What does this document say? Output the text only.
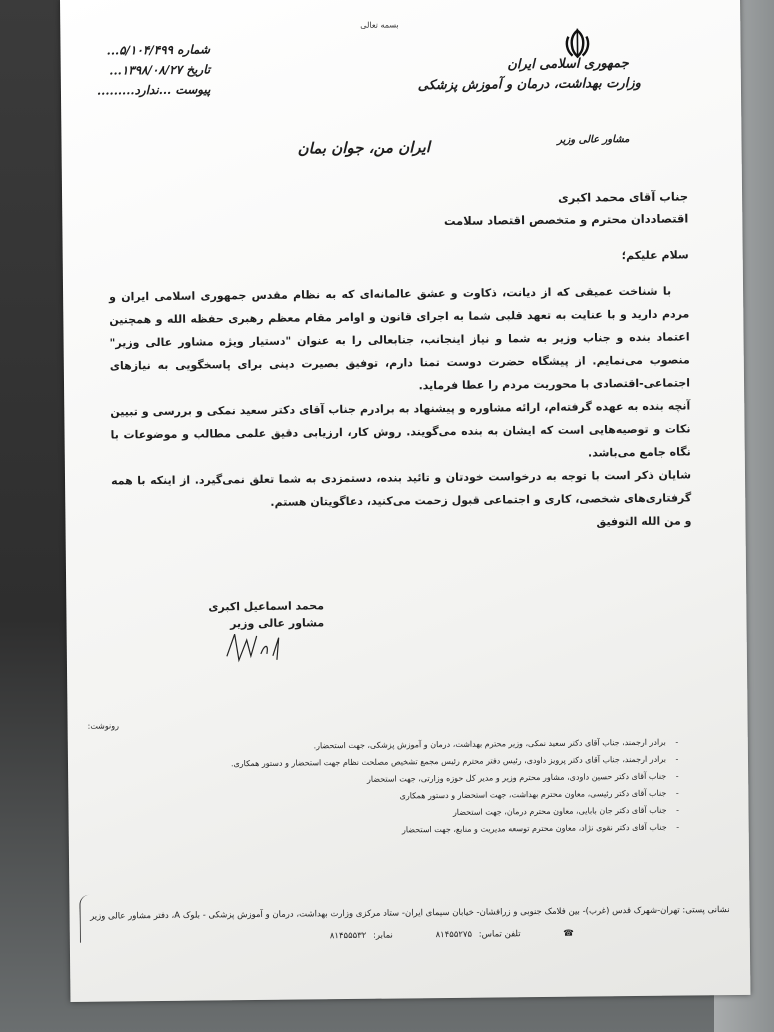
بسمه تعالی
جمهوری اسلامی ایران
وزارت بهداشت، درمان و آموزش پزشکی
مشاور عالی وزیر
شماره ۵/۱۰۴/۴۹۹...
تاریخ ۱۳۹۸/۰۸/۲۷...
پیوست ...ندارد.........
ایران من، جوان بمان
جناب آقای محمد اکبری
اقتصاددان محترم و متخصص اقتصاد سلامت
سلام علیکم؛

با شناخت عمیقی که از دیانت، ذکاوت و عشق عالمانه‌ای که به نظام مقدس جمهوری اسلامی ایران و مردم دارید و با عنایت به تعهد قلبی شما به اجرای قانون و اوامر مقام معظم رهبری حفظه الله و همچنین اعتماد بنده و جناب وزیر به شما و نیاز اینجانب، جنابعالی را به عنوان "دستیار ویژه مشاور عالی وزیر" منصوب می‌نمایم. از پیشگاه حضرت دوست تمنا دارم، توفیق بصیرت دینی برای پاسخگویی به نیازهای اجتماعی-اقتصادی با محوریت مردم را عطا فرماید.

آنچه بنده به عهده گرفته‌ام، ارائه مشاوره و پیشنهاد به برادرم جناب آقای دکتر سعید نمکی و بررسی و تبیین نکات و توصیه‌هایی است که ایشان به بنده می‌گویند. روش کار، ارزیابی دقیق علمی مطالب و موضوعات با نگاه جامع می‌باشد.

شایان ذکر است با توجه به درخواست خودتان و تائید بنده، دستمزدی به شما تعلق نمی‌گیرد. از اینکه با همه گرفتاری‌های شخصی، کاری و اجتماعی قبول زحمت می‌کنید، دعاگویتان هستم.

و من الله التوفیق

محمد اسماعیل اکبری
مشاور عالی وزیر
رونوشت:
-
برادر ارجمند، جناب آقای دکتر سعید نمکی، وزیر محترم بهداشت، درمان و آموزش پزشکی، جهت استحضار.
-
برادر ارجمند، جناب آقای دکتر پرویز داودی، رئیس دفتر محترم رئیس مجمع تشخیص مصلحت نظام جهت استحضار و دستور همکاری.
-
جناب آقای دکتر حسین داودی، مشاور محترم وزیر و مدیر کل حوزه وزارتی، جهت استحضار
-
جناب آقای دکتر رئیسی، معاون محترم بهداشت، جهت استحضار و دستور همکاری
-
جناب آقای دکتر جان بابایی، معاون محترم درمان، جهت استحضار
-
جناب آقای دکتر نقوی نژاد، معاون محترم توسعه مدیریت و منابع، جهت استحضار
نشانی پستی: تهران-شهرک قدس (غرب)- بین فلامک جنوبی و زرافشان- خیابان سیمای ایران- ستاد مرکزی وزارت بهداشت، درمان و آموزش پزشکی - بلوک A، دفتر مشاور عالی وزیر
☎ تلفن تماس: ۸۱۴۵۵۲۷۵ نمابر: ۸۱۴۵۵۵۳۲
